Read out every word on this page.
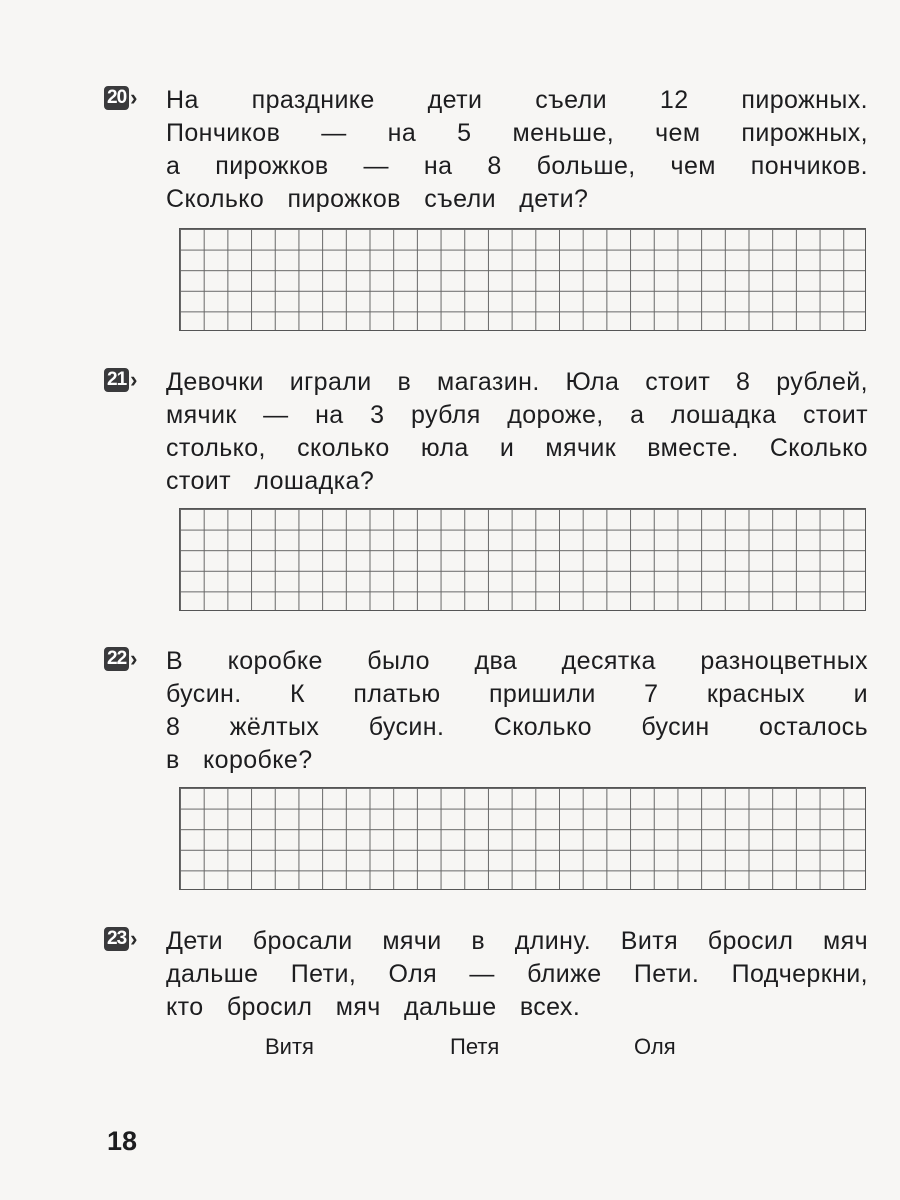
20 › На празднике дети съели 12 пирожных.
Пончиков — на 5 меньше, чем пирожных,
а пирожков — на 8 больше, чем пончиков.
Сколько пирожков съели дети?
21 › Девочки играли в магазин. Юла стоит 8 рублей,
мячик — на 3 рубля дороже, а лошадка стоит
столько, сколько юла и мячик вместе. Сколько
стоит лошадка?
22 › В коробке было два десятка разноцветных
бусин. К платью пришили 7 красных и
8 жёлтых бусин. Сколько бусин осталось
в коробке?
23 › Дети бросали мячи в длину. Витя бросил мяч
дальше Пети, Оля — ближе Пети. Подчеркни,
кто бросил мяч дальше всех.
Витя	Петя	Оля
18
